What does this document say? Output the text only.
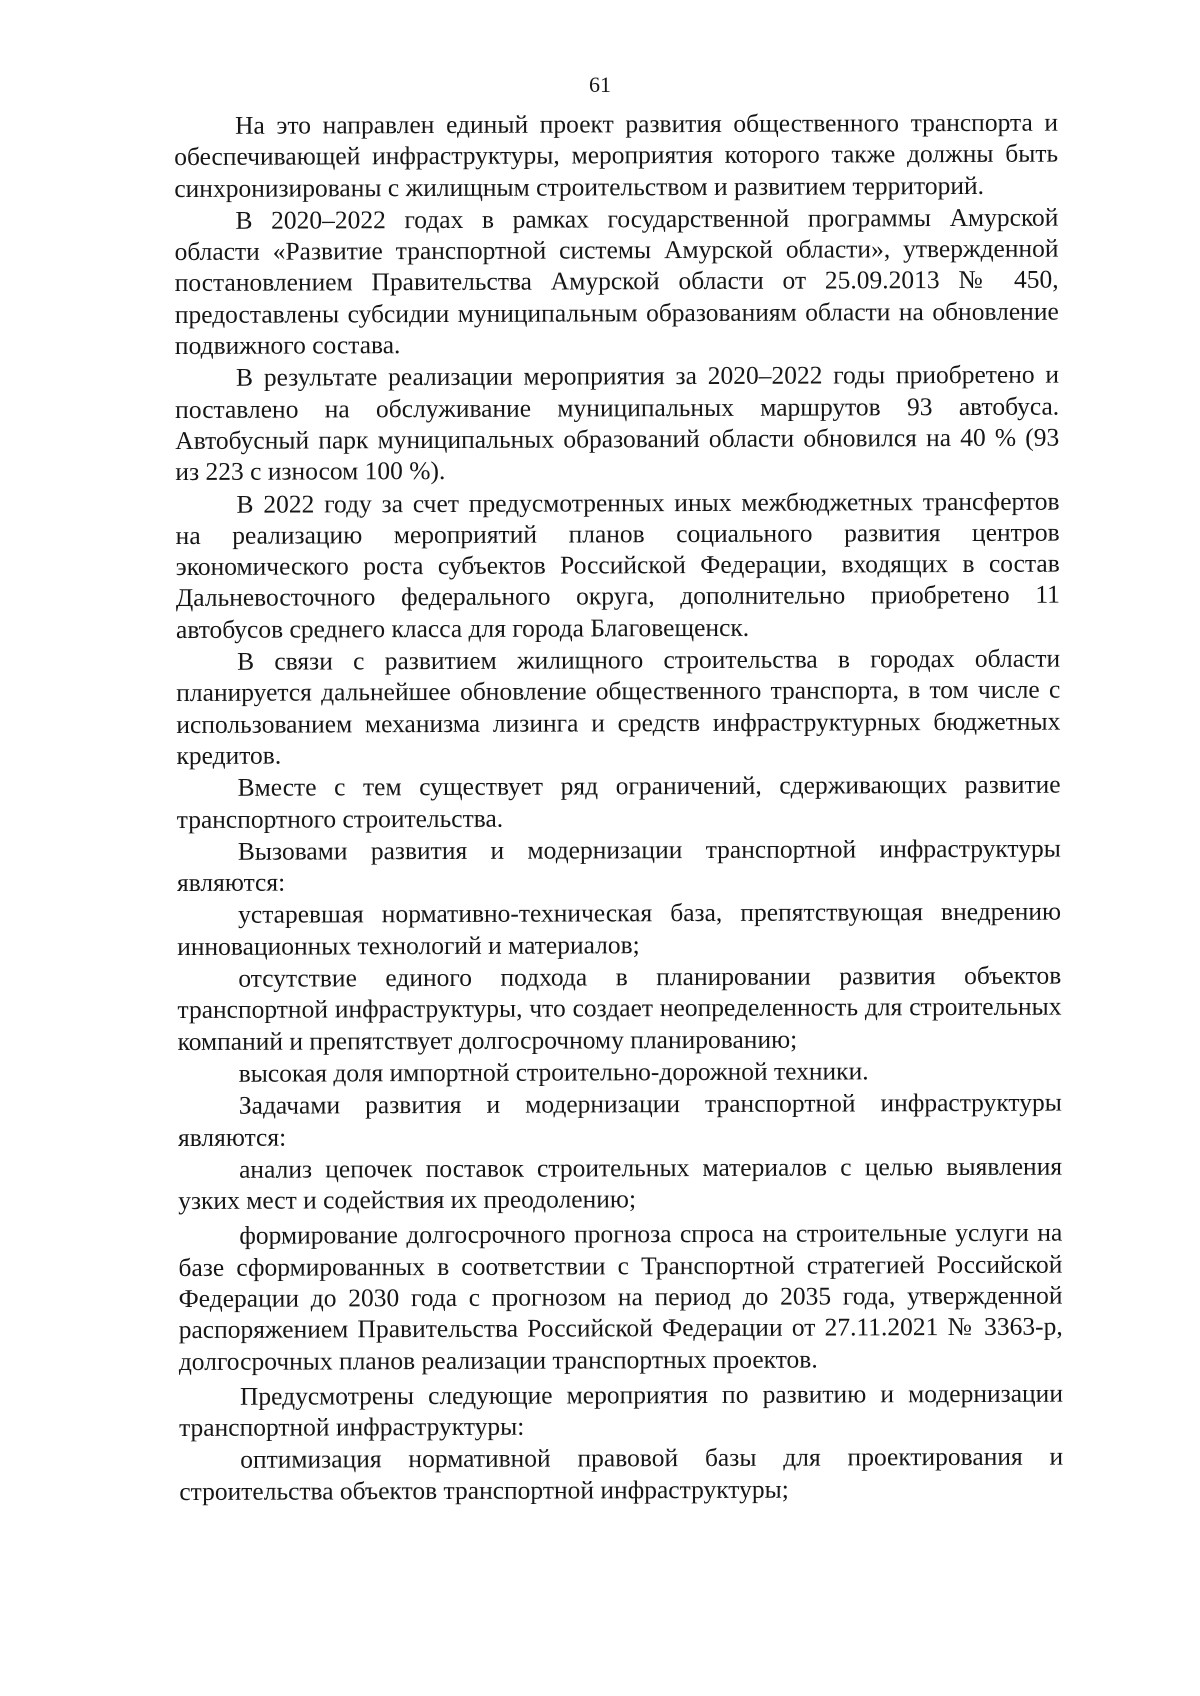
61

На это направлен единый проект развития общественного транспорта и обеспечивающей инфраструктуры, мероприятия которого также должны быть синхронизированы с жилищным строительством и развитием территорий.

В 2020–2022 годах в рамках государственной программы Амурской области «Развитие транспортной системы Амурской области», утвержденной постановлением Правительства Амурской области от 25.09.2013 № 450, предоставлены субсидии муниципальным образованиям области на обновление подвижного состава.

В результате реализации мероприятия за 2020–2022 годы приобретено и поставлено на обслуживание муниципальных маршрутов 93 автобуса. Автобусный парк муниципальных образований области обновился на 40 % (93 из 223 с износом 100 %).

В 2022 году за счет предусмотренных иных межбюджетных трансфертов на реализацию мероприятий планов социального развития центров экономического роста субъектов Российской Федерации, входящих в состав Дальневосточного федерального округа, дополнительно приобретено 11 автобусов среднего класса для города Благовещенск.

В связи с развитием жилищного строительства в городах области планируется дальнейшее обновление общественного транспорта, в том числе с использованием механизма лизинга и средств инфраструктурных бюджетных кредитов.

Вместе с тем существует ряд ограничений, сдерживающих развитие транспортного строительства.

Вызовами развития и модернизации транспортной инфраструктуры являются:

устаревшая нормативно-техническая база, препятствующая внедрению инновационных технологий и материалов;

отсутствие единого подхода в планировании развития объектов транспортной инфраструктуры, что создает неопределенность для строительных компаний и препятствует долгосрочному планированию;

высокая доля импортной строительно-дорожной техники.

Задачами развития и модернизации транспортной инфраструктуры являются:

анализ цепочек поставок строительных материалов с целью выявления узких мест и содействия их преодолению;

формирование долгосрочного прогноза спроса на строительные услуги на базе сформированных в соответствии с Транспортной стратегией Российской Федерации до 2030 года с прогнозом на период до 2035 года, утвержденной распоряжением Правительства Российской Федерации от 27.11.2021 № 3363-р, долгосрочных планов реализации транспортных проектов.

Предусмотрены следующие мероприятия по развитию и модернизации транспортной инфраструктуры:

оптимизация нормативной правовой базы для проектирования и строительства объектов транспортной инфраструктуры;
